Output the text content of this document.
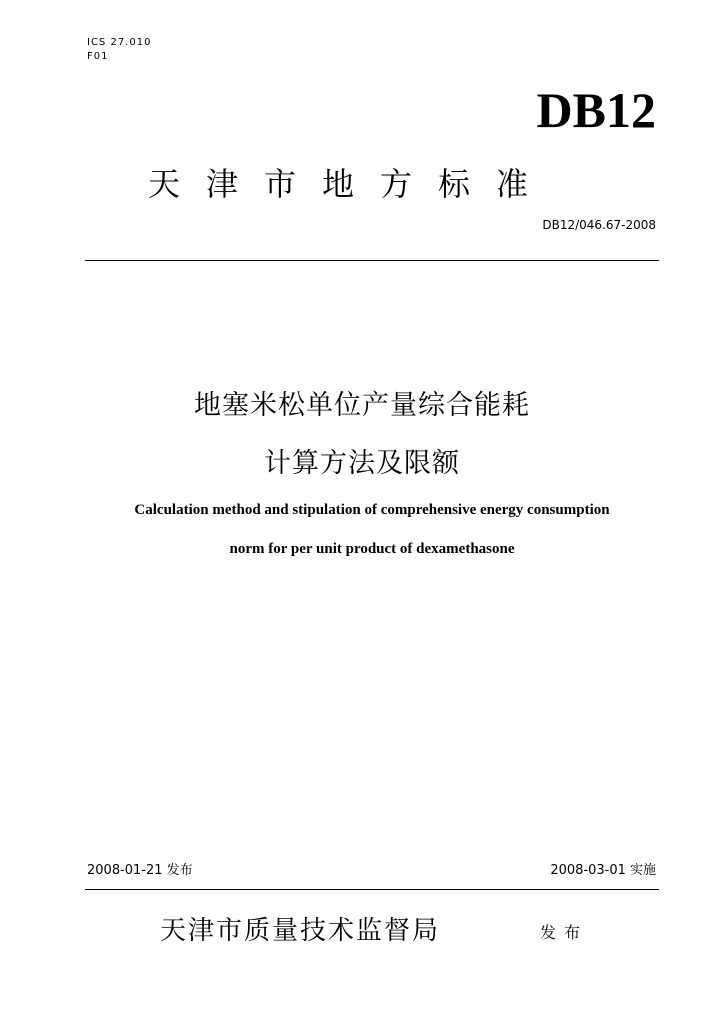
ICS 27.010
F01
DB12
天津市地方标准
DB12/046.67-2008
地塞米松单位产量综合能耗
计算方法及限额
Calculation method and stipulation of comprehensive energy consumption
norm for per unit product of dexamethasone
2008-01-21 发布	2008-03-01 实施
天津市质量技术监督局	发布
